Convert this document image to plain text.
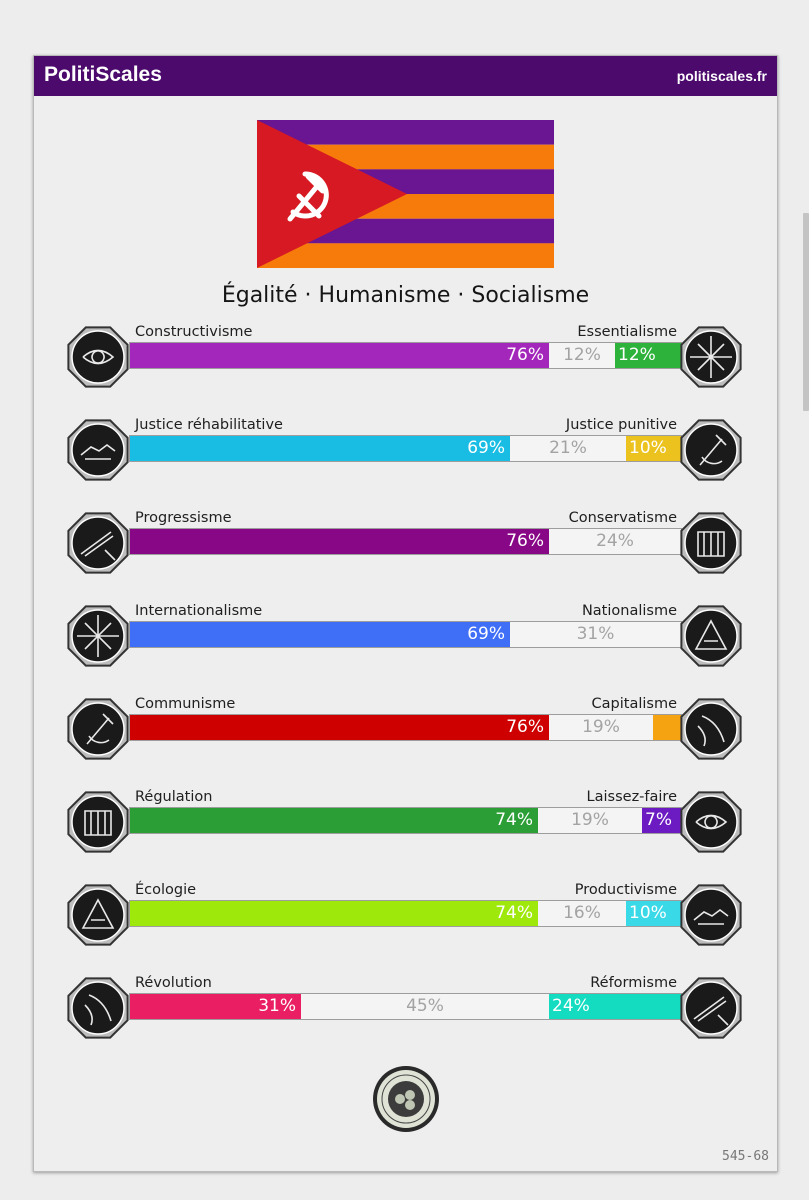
PolitiScales	politiscales.fr
Égalité · Humanisme · Socialisme
Constructivisme	Essentialisme
76%	12%	12%
Justice réhabilitative	Justice punitive
69%	21%	10%
Progressisme	Conservatisme
76%	24%
Internationalisme	Nationalisme
69%	31%
Communisme	Capitalisme
76%	19%
Régulation	Laissez-faire
74%	19%	7%
Écologie	Productivisme
74%	16%	10%
Révolution	Réformisme
31%	45%	24%
545-68
